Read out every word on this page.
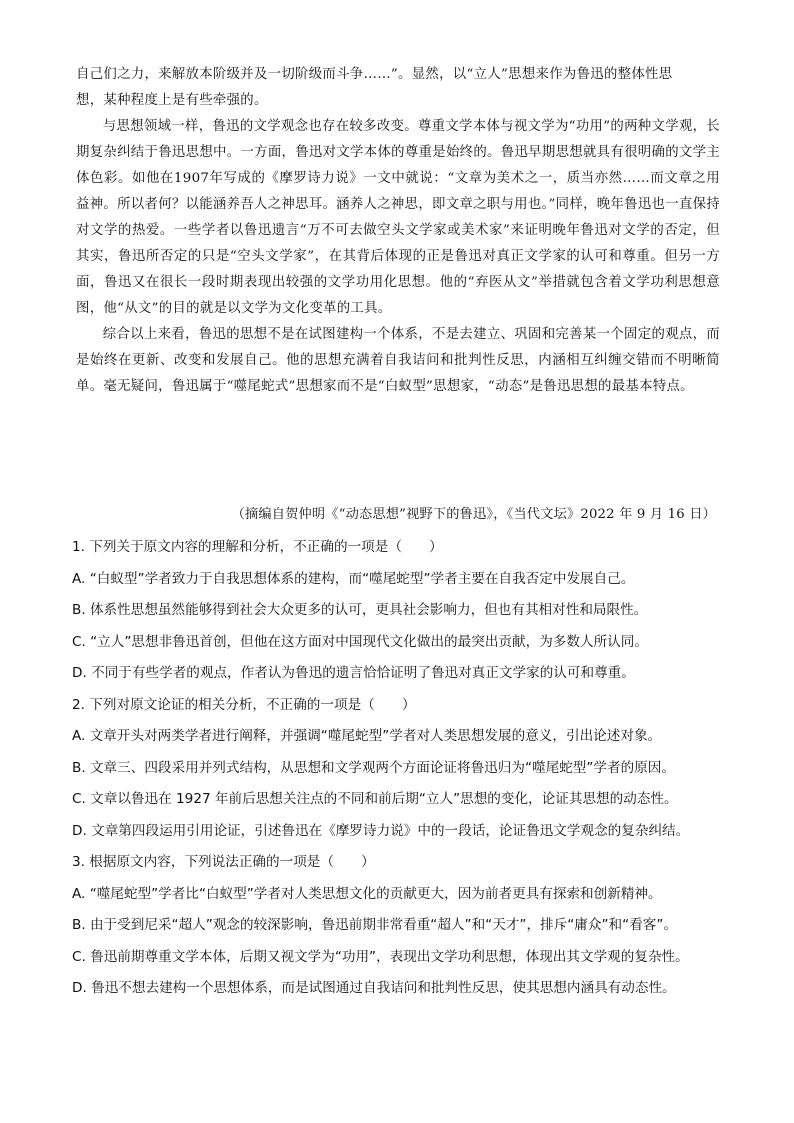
自己们之力，来解放本阶级并及一切阶级而斗争……”。显然，以“立人”思想来作为鲁迅的整体性思

想，某种程度上是有些牵强的。

与思想领域一样，鲁迅的文学观念也存在较多改变。尊重文学本体与视文学为“功用”的两种文学观，长期复杂纠结于鲁迅思想中。一方面，鲁迅对文学本体的尊重是始终的。鲁迅早期思想就具有很明确的文学主体色彩。如他在1907年写成的《摩罗诗力说》一文中就说：“文章为美术之一，质当亦然……而文章之用益神。所以者何？以能涵养吾人之神思耳。涵养人之神思，即文章之职与用也。”同样，晚年鲁迅也一直保持对文学的热爱。一些学者以鲁迅遗言“万不可去做空头文学家或美术家”来证明晚年鲁迅对文学的否定，但其实，鲁迅所否定的只是“空头文学家”，在其背后体现的正是鲁迅对真正文学家的认可和尊重。但另一方面，鲁迅又在很长一段时期表现出较强的文学功用化思想。他的“弃医从文”举措就包含着文学功利思想意图，他“从文”的目的就是以文学为文化变革的工具。

综合以上来看，鲁迅的思想不是在试图建构一个体系，不是去建立、巩固和完善某一个固定的观点，而是始终在更新、改变和发展自己。他的思想充满着自我诘问和批判性反思，内涵相互纠缠交错而不明晰简单。毫无疑问，鲁迅属于“噬尾蛇式”思想家而不是“白蚁型”思想家，“动态”是鲁迅思想的最基本特点。

（摘编自贺仲明《“动态思想”视野下的鲁迅》，《当代文坛》2022 年 9 月 16 日）
1. 下列关于原文内容的理解和分析，不正确的一项是（　　）
A. “白蚁型”学者致力于自我思想体系的建构，而“噬尾蛇型”学者主要在自我否定中发展自己。
B. 体系性思想虽然能够得到社会大众更多的认可，更具社会影响力，但也有其相对性和局限性。
C. “立人”思想非鲁迅首创，但他在这方面对中国现代文化做出的最突出贡献，为多数人所认同。
D. 不同于有些学者的观点，作者认为鲁迅的遗言恰恰证明了鲁迅对真正文学家的认可和尊重。
2. 下列对原文论证的相关分析，不正确的一项是（　　）
A. 文章开头对两类学者进行阐释，并强调“噬尾蛇型”学者对人类思想发展的意义，引出论述对象。
B. 文章三、四段采用并列式结构，从思想和文学观两个方面论证将鲁迅归为“噬尾蛇型”学者的原因。
C. 文章以鲁迅在 1927 年前后思想关注点的不同和前后期“立人”思想的变化，论证其思想的动态性。
D. 文章第四段运用引用论证，引述鲁迅在《摩罗诗力说》中的一段话，论证鲁迅文学观念的复杂纠结。
3. 根据原文内容，下列说法正确的一项是（　　）
A. “噬尾蛇型”学者比“白蚁型”学者对人类思想文化的贡献更大，因为前者更具有探索和创新精神。
B. 由于受到尼采“超人”观念的较深影响，鲁迅前期非常看重“超人”和“天才”，排斥“庸众”和“看客”。
C. 鲁迅前期尊重文学本体，后期又视文学为“功用”，表现出文学功利思想，体现出其文学观的复杂性。
D. 鲁迅不想去建构一个思想体系，而是试图通过自我诘问和批判性反思，使其思想内涵具有动态性。
